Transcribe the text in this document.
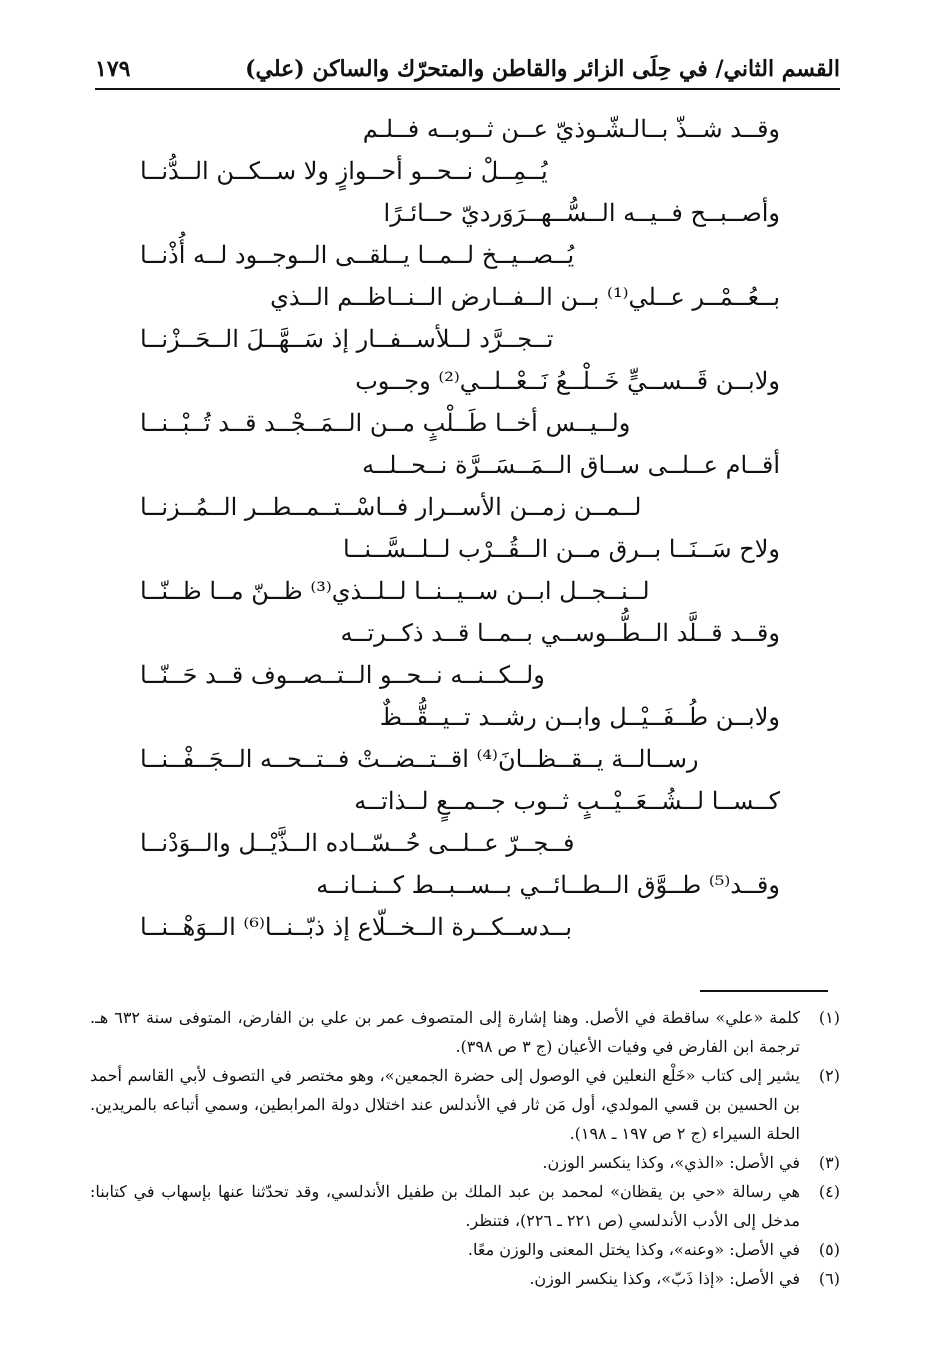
القسم الثاني/ في حِلَى الزائر والقاطن والمتحرّك والساكن (علي)
١٧٩
وقــد شــذّ بــالـشّـوذيّ عــن ثــوبــه فــلـم
يُــمِــلْ نــحــو أحــوازٍ ولا ســكــن الــدُّنــا
وأصــبــح فــيــه الــسُّــهــرَوَرديّ حــائـرًا
يُــصــيــخ لــمــا يــلقــى الــوجــود لــه أُذْنــا
بــعُــمْــر عــلي⁽¹⁾ بــن الــفــارض الــنــاظــم الــذي
تــجــرَّد لــلأســفــار إذ سَــهَّــلَ الــحَــزْنــا
ولابــن قَــســيٍّ خَــلْــعُ نَــعْــلــي⁽²⁾ وجــوب
ولــيــس أخــا طَــلْبٍ مــن الــمَــجْــد قــد تُــبْــنــا
أقــام عــلــى ســاق الــمَــسَــرَّة نــحــلــه
لــمــن زمــن الأســرار فــاسْــتــمــطــر الــمُــزنــا
ولاح سَــنَــا بــرق مــن الــقُــرْب لــلــسَّــنــا
لــنــجــل ابــن ســيــنــا لــلــذي⁽³⁾ ظــنّ مــا ظــنّــا
وقــد قــلَّد الــطُّــوســي بــمــا قــد ذكــرتــه
ولــكــنــه نــحــو الــتــصــوف قــد حَــنّــا
ولابــن طُــفَــيْــل وابــن رشــد تــيــقُّــظٌ
رســالــة يــقــظــانَ⁽⁴⁾ اقــتــضــتْ فــتــحــه الــجَــفْــنــا
كــســا لــشُــعَــيْــبٍ ثــوب جــمــعٍ لــذاتــه
فــجــرّ عــلــى حُــسّــاده الــذَّيْــل والــوَدْنــا
وقــد⁽⁵⁾ طــوَّق الــطــائــي بــســبــط كــنــانــه
بــدســكــرة الــخــلّاع إذ ذبّــنــا⁽⁶⁾ الــوَهْــنــا
(١)
كلمة «علي» ساقطة في الأصل. وهنا إشارة إلى المتصوف عمر بن علي بن الفارض، المتوفى سنة ٦٣٢ هـ. ترجمة ابن الفارض في وفيات الأعيان (ج ٣ ص ٣٩٨).
(٢)
يشير إلى كتاب «خَلْع النعلين في الوصول إلى حضرة الجمعين»، وهو مختصر في التصوف لأبي القاسم أحمد بن الحسين بن قسي المولدي، أول مَن ثار في الأندلس عند اختلال دولة المرابطين، وسمي أتباعه بالمريدين. الحلة السيراء (ج ٢ ص ١٩٧ ـ ١٩٨).
(٣)
في الأصل: «الذي»، وكذا ينكسر الوزن.
(٤)
هي رسالة «حي بن يقظان» لمحمد بن عبد الملك بن طفيل الأندلسي، وقد تحدّثنا عنها بإسهاب في كتابنا: مدخل إلى الأدب الأندلسي (ص ٢٢١ ـ ٢٢٦)، فتنظر.
(٥)
في الأصل: «وعنه»، وكذا يختل المعنى والوزن معًا.
(٦)
في الأصل: «إذا ذَبّ»، وكذا ينكسر الوزن.
